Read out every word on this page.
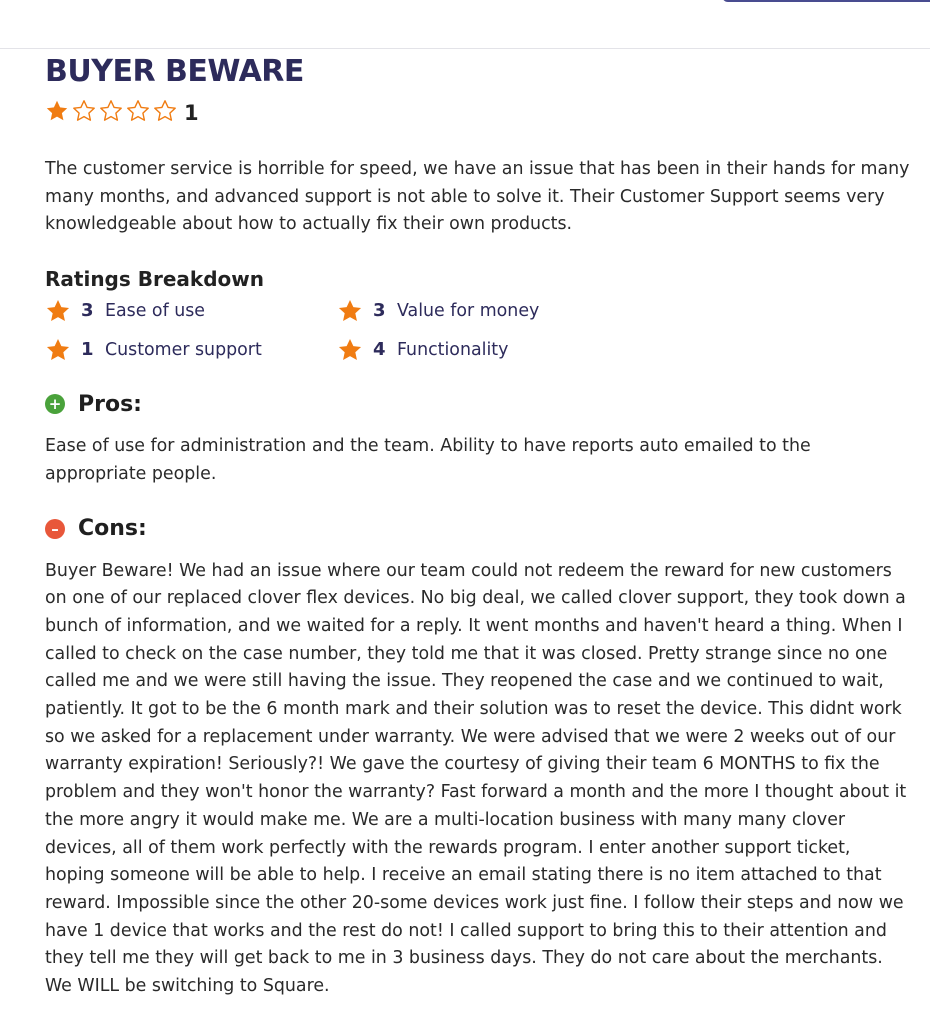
BUYER BEWARE
1

The customer service is horrible for speed, we have an issue that has been in their hands for many many months, and advanced support is not able to solve it. Their Customer Support seems very knowledgeable about how to actually fix their own products.

Ratings Breakdown
3 Ease of use	3 Value for money
1 Customer support	4 Functionality
+ Pros:

Ease of use for administration and the team. Ability to have reports auto emailed to the appropriate people.

– Cons:

Buyer Beware! We had an issue where our team could not redeem the reward for new customers on one of our replaced clover flex devices. No big deal, we called clover support, they took down a bunch of information, and we waited for a reply. It went months and haven't heard a thing. When I called to check on the case number, they told me that it was closed. Pretty strange since no one called me and we were still having the issue. They reopened the case and we continued to wait, patiently. It got to be the 6 month mark and their solution was to reset the device. This didnt work so we asked for a replacement under warranty. We were advised that we were 2 weeks out of our warranty expiration! Seriously?! We gave the courtesy of giving their team 6 MONTHS to fix the problem and they won't honor the warranty? Fast forward a month and the more I thought about it the more angry it would make me. We are a multi-location business with many many clover devices, all of them work perfectly with the rewards program. I enter another support ticket, hoping someone will be able to help. I receive an email stating there is no item attached to that reward. Impossible since the other 20-some devices work just fine. I follow their steps and now we have 1 device that works and the rest do not! I called support to bring this to their attention and they tell me they will get back to me in 3 business days. They do not care about the merchants. We WILL be switching to Square.
